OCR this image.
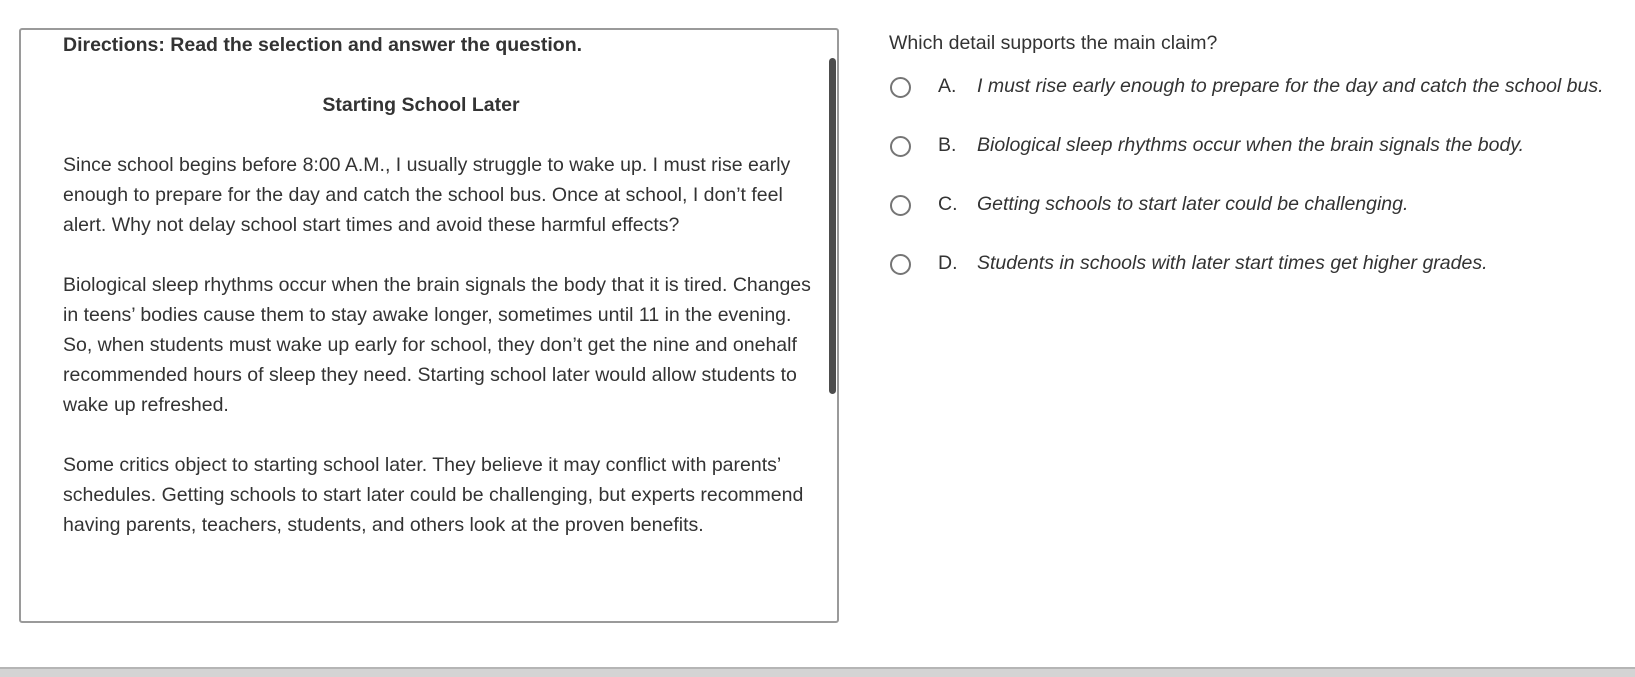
Directions: Read the selection and answer the question.

Starting School Later

Since school begins before 8:00 A.M., I usually struggle to wake up. I must rise early enough to prepare for the day and catch the school bus. Once at school, I don’t feel alert. Why not delay school start times and avoid these harmful effects?

Biological sleep rhythms occur when the brain signals the body that it is tired. Changes in teens’ bodies cause them to stay awake longer, sometimes until 11 in the evening. So, when students must wake up early for school, they don’t get the nine and onehalf recommended hours of sleep they need. Starting school later would allow students to wake up refreshed.

Some critics object to starting school later. They believe it may conflict with parents’ schedules. Getting schools to start later could be challenging, but experts recommend having parents, teachers, students, and others look at the proven benefits.

Which detail supports the main claim?

A. I must rise early enough to prepare for the day and catch the school bus.
B. Biological sleep rhythms occur when the brain signals the body.
C. Getting schools to start later could be challenging.
D. Students in schools with later start times get higher grades.
